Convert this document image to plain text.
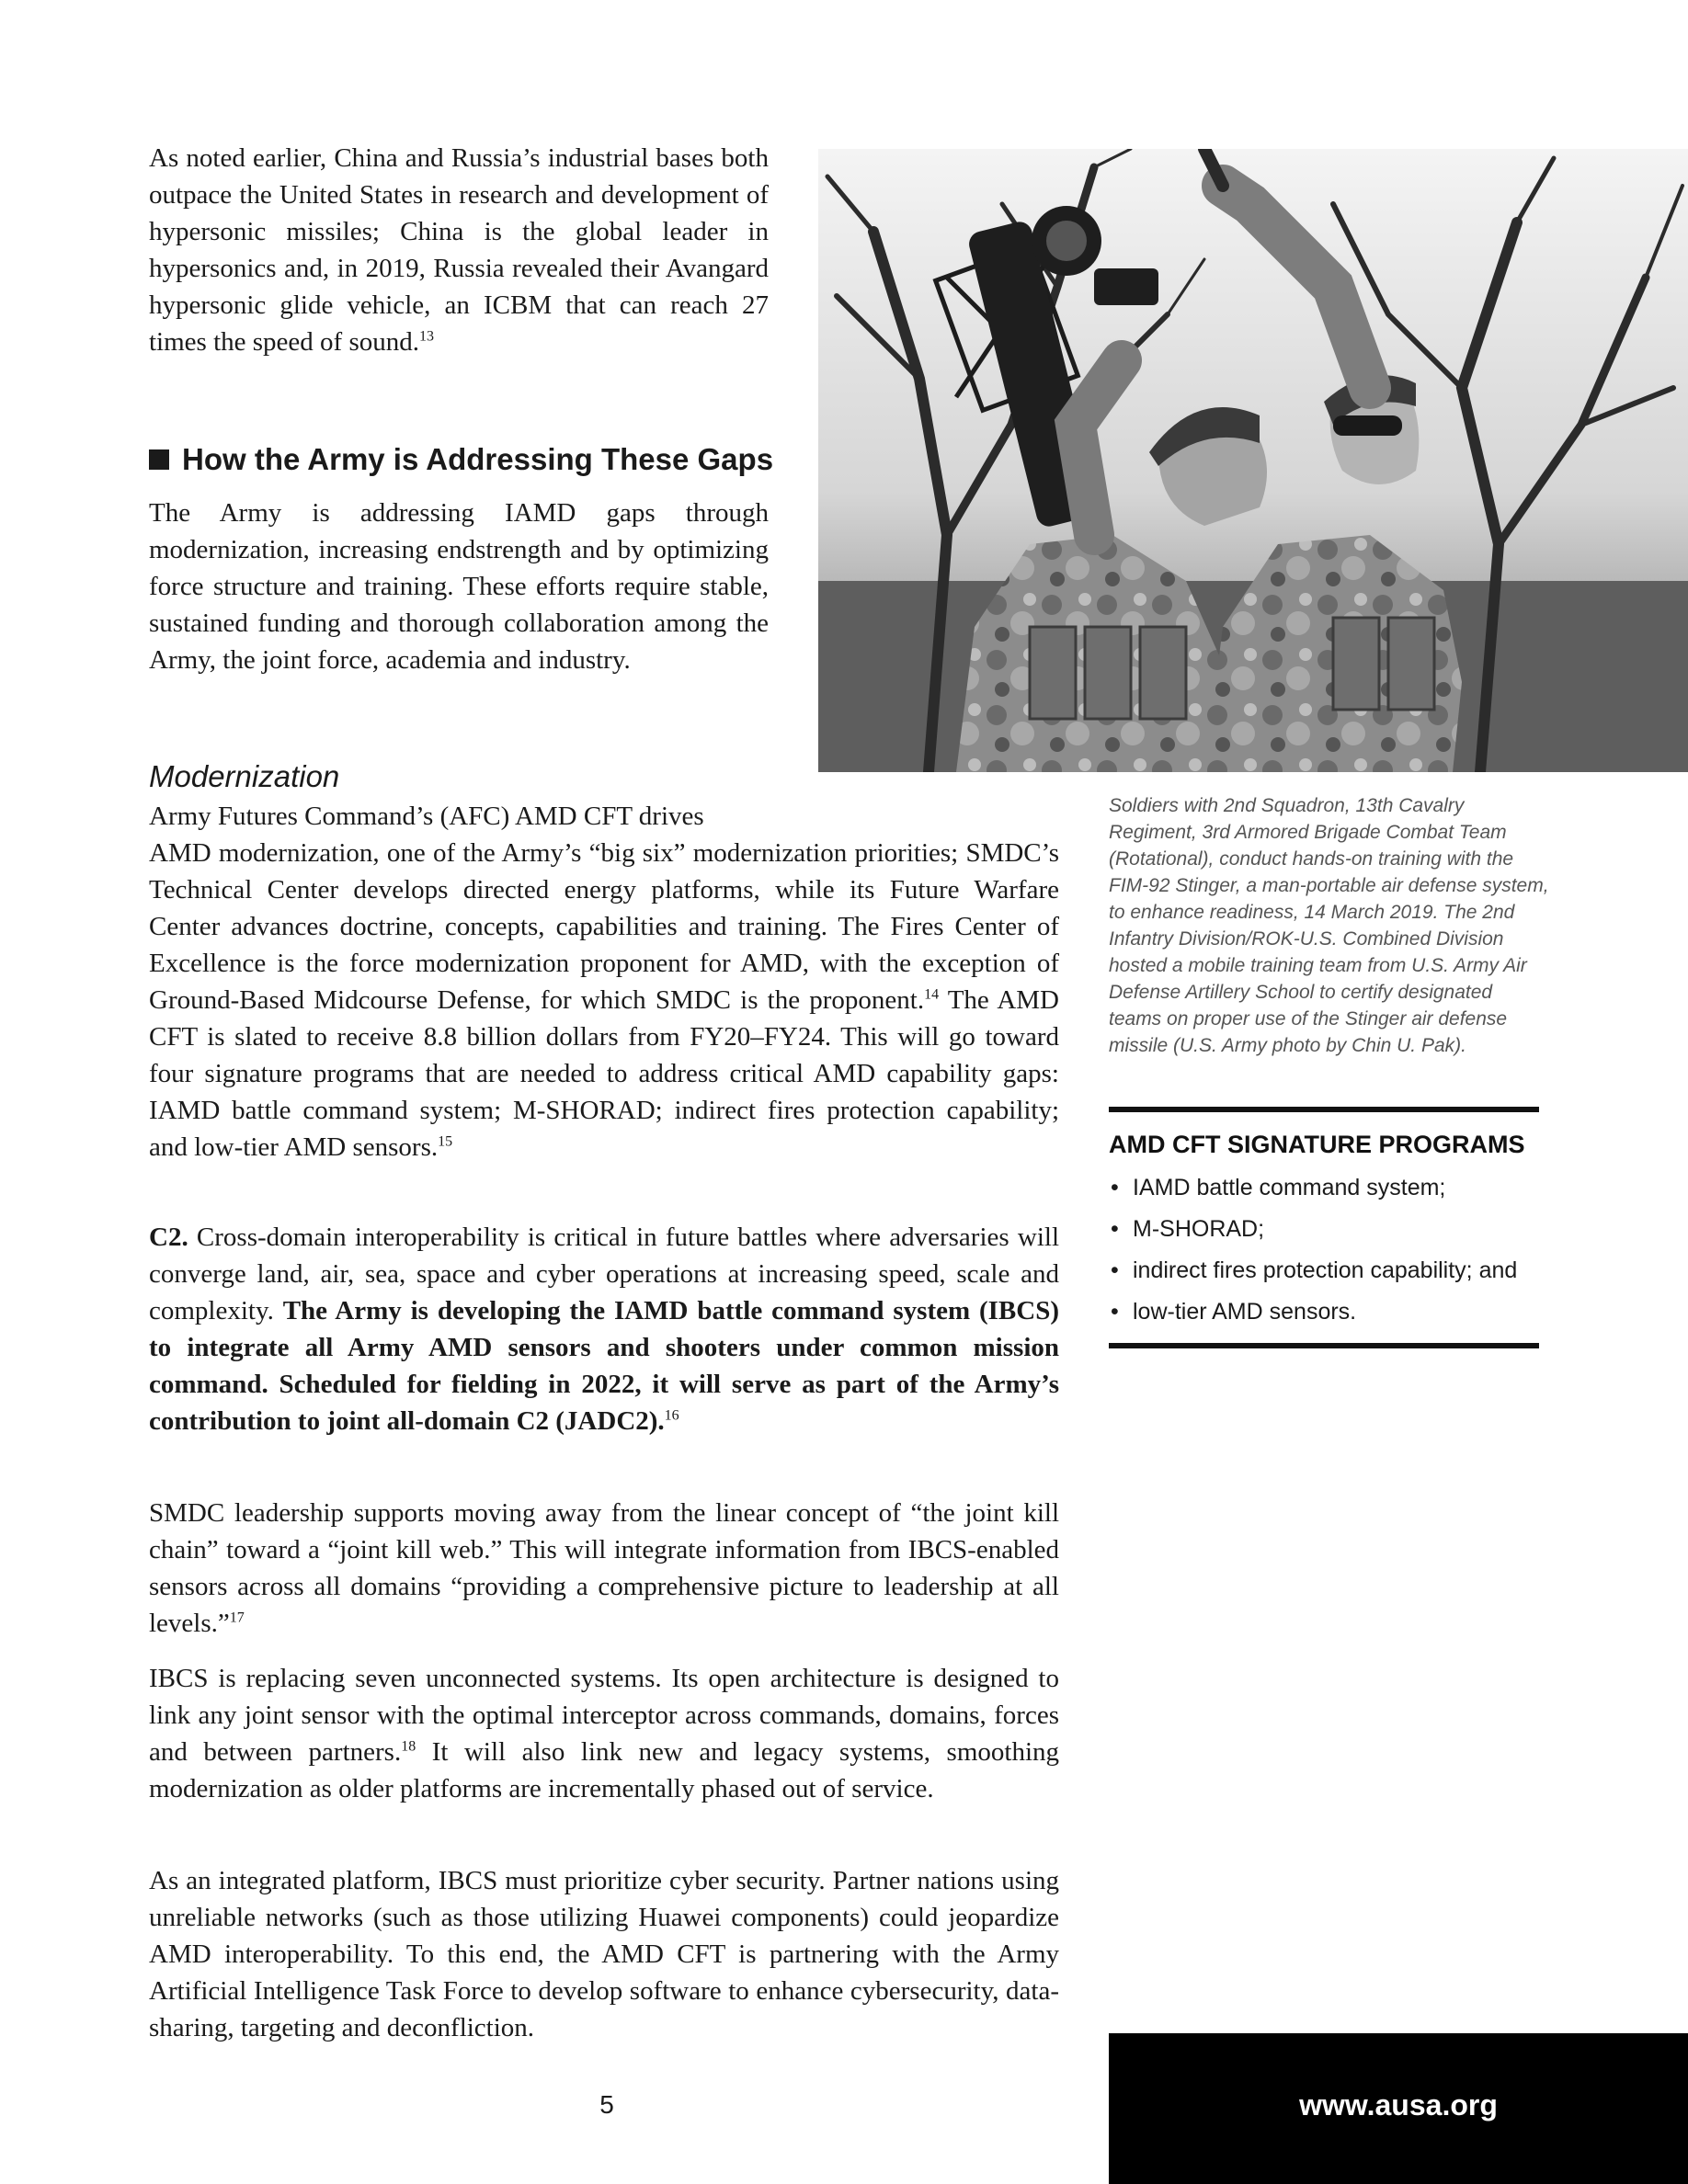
As noted earlier, China and Russia’s industrial bases both outpace the United States in research and development of hypersonic missiles; China is the global leader in hypersonics and, in 2019, Russia revealed their Avangard hypersonic glide vehicle, an ICBM that can reach 27 times the speed of sound.$^{13}$

How the Army is Addressing These Gaps

The Army is addressing IAMD gaps through modernization, increasing endstrength and by optimizing force structure and training. These efforts require stable, sustained funding and thorough collaboration among the Army, the joint force, academia and industry.

Modernization

Army Futures Command’s (AFC) AMD CFT drives
AMD modernization, one of the Army’s “big six” modernization priorities; SMDC’s Technical Center develops directed energy platforms, while its Future Warfare Center advances doctrine, concepts, capabilities and training. The Fires Center of Excellence is the force modernization proponent for AMD, with the exception of Ground-Based Midcourse Defense, for which SMDC is the proponent.$^{14}$ The AMD CFT is slated to receive 8.8 billion dollars from FY20–FY24. This will go toward four signature programs that are needed to address critical AMD capability gaps: IAMD battle command system; M-SHORAD; indirect fires protection capability; and low-tier AMD sensors.$^{15}$

C2. Cross-domain interoperability is critical in future battles where adversaries will converge land, air, sea, space and cyber operations at increasing speed, scale and complexity. The Army is developing the IAMD battle command system (IBCS) to integrate all Army AMD sensors and shooters under common mission command. Scheduled for fielding in 2022, it will serve as part of the Army’s contribution to joint all-domain C2 (JADC2).$^{16}$

SMDC leadership supports moving away from the linear concept of “the joint kill chain” toward a “joint kill web.” This will integrate information from IBCS-enabled sensors across all domains “providing a comprehensive picture to leadership at all levels.”$^{17}$

IBCS is replacing seven unconnected systems. Its open architecture is designed to link any joint sensor with the optimal interceptor across commands, domains, forces and between partners.$^{18}$ It will also link new and legacy systems, smoothing modernization as older platforms are incrementally phased out of service.

As an integrated platform, IBCS must prioritize cyber security. Partner nations using unreliable networks (such as those utilizing Huawei components) could jeopardize AMD interoperability. To this end, the AMD CFT is partnering with the Army Artificial Intelligence Task Force to develop software to enhance cybersecurity, data-sharing, targeting and deconfliction.

Soldiers with 2nd Squadron, 13th Cavalry Regiment, 3rd Armored Brigade Combat Team (Rotational), conduct hands-on training with the FIM-92 Stinger, a man-portable air defense system, to enhance readiness, 14 March 2019. The 2nd Infantry Division/ROK-U.S. Combined Division hosted a mobile training team from U.S. Army Air Defense Artillery School to certify designated teams on proper use of the Stinger air defense missile (U.S. Army photo by Chin U. Pak).

AMD CFT SIGNATURE PROGRAMS
• IAMD battle command system;
• M-SHORAD;
• indirect fires protection capability; and
• low-tier AMD sensors.
5	www.ausa.org
